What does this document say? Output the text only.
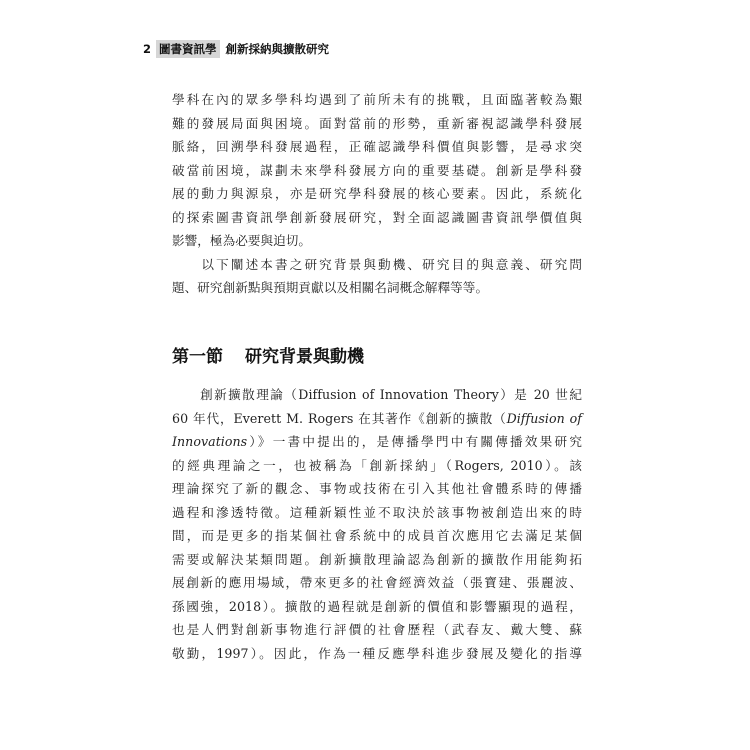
2 圖書資訊學 創新採納與擴散研究

學科在內的眾多學科均遇到了前所未有的挑戰，且面臨著較為艱
難的發展局面與困境。面對當前的形勢，重新審視認識學科發展
脈絡，回溯學科發展過程，正確認識學科價值與影響，是尋求突
破當前困境，謀劃未來學科發展方向的重要基礎。創新是學科發
展的動力與源泉，亦是研究學科發展的核心要素。因此，系統化
的探索圖書資訊學創新發展研究，對全面認識圖書資訊學價值與
影響，極為必要與迫切。

　　以下闡述本書之研究背景與動機、研究目的與意義、研究問
題、研究創新點與預期貢獻以及相關名詞概念解釋等等。

第一節 研究背景與動機

　　創新擴散理論（Diffusion of Innovation Theory）是 20 世紀
60 年代，Everett M. Rogers 在其著作《創新的擴散（Diffusion of
Innovations）》一書中提出的，是傳播學門中有關傳播效果研究
的經典理論之一，也被稱為「創新採納」（Rogers, 2010）。該
理論探究了新的觀念、事物或技術在引入其他社會體系時的傳播
過程和滲透特徵。這種新穎性並不取決於該事物被創造出來的時
間，而是更多的指某個社會系統中的成員首次應用它去滿足某個
需要或解決某類問題。創新擴散理論認為創新的擴散作用能夠拓
展創新的應用場域，帶來更多的社會經濟效益（張寶建、張麗波、
孫國強，2018）。擴散的過程就是創新的價值和影響顯現的過程，
也是人們對創新事物進行評價的社會歷程（武春友、戴大雙、蘇
敬勤，1997）。因此，作為一種反應學科進步發展及變化的指導
